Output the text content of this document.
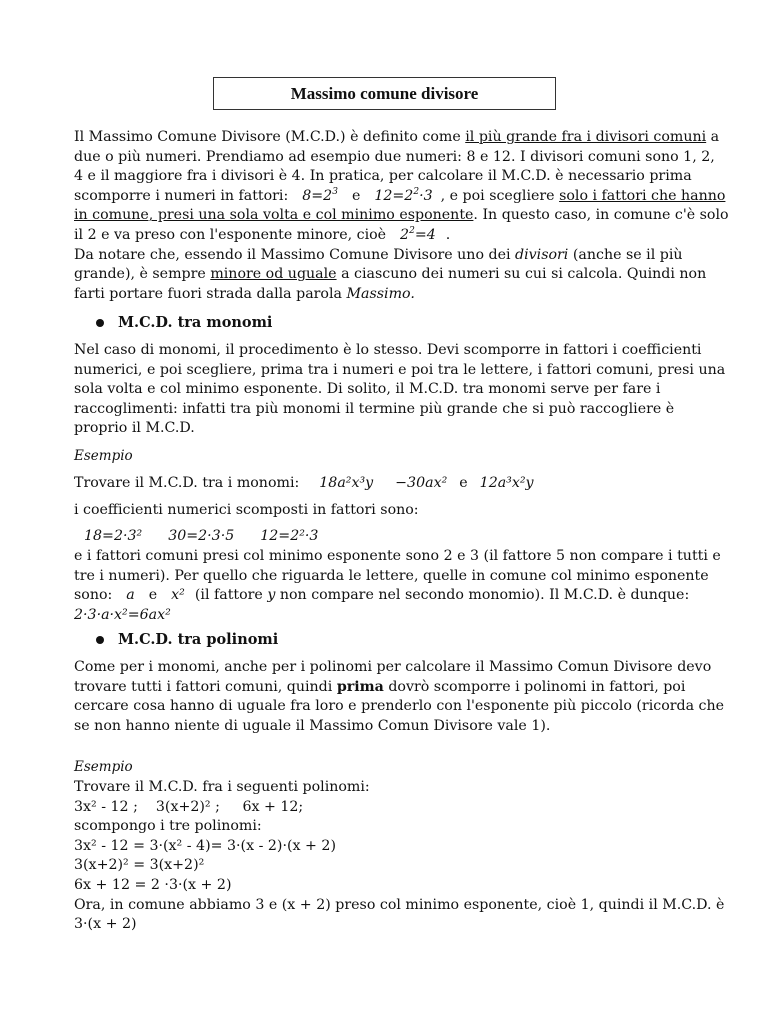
Massimo comune divisore
Il Massimo Comune Divisore (M.C.D.) è definito come il più grande fra i divisori comuni a
due o più numeri. Prendiamo ad esempio due numeri: 8 e 12. I divisori comuni sono 1, 2,
4 e il maggiore fra i divisori è 4. In pratica, per calcolare il M.C.D. è necessario prima
scomporre i numeri in fattori: $8=2^3$ e $12=2^2\cdot 3$ , e poi scegliere solo i fattori che hanno
in comune, presi una sola volta e col minimo esponente. In questo caso, in comune c'è solo
il 2 e va preso con l'esponente minore, cioè $2^2=4$ .
Da notare che, essendo il Massimo Comune Divisore uno dei divisori (anche se il più
grande), è sempre minore od uguale a ciascuno dei numeri su cui si calcola. Quindi non
farti portare fuori strada dalla parola Massimo.
M.C.D. tra monomi
Nel caso di monomi, il procedimento è lo stesso. Devi scomporre in fattori i coefficienti
numerici, e poi scegliere, prima tra i numeri e poi tra le lettere, i fattori comuni, presi una
sola volta e col minimo esponente. Di solito, il M.C.D. tra monomi serve per fare i
raccoglimenti: infatti tra più monomi il termine più grande che si può raccogliere è
proprio il M.C.D.
Esempio
Trovare il M.C.D. tra i monomi: 18a²x³y −30ax² e 12a³x²y
i coefficienti numerici scomposti in fattori sono:
18=2·3² 30=2·3·5 12=2²·3
e i fattori comuni presi col minimo esponente sono 2 e 3 (il fattore 5 non compare i tutti e
tre i numeri). Per quello che riguarda le lettere, quelle in comune col minimo esponente
sono: a e x² (il fattore y non compare nel secondo monomio). Il M.C.D. è dunque:
2·3·a·x²=6ax²
M.C.D. tra polinomi
Come per i monomi, anche per i polinomi per calcolare il Massimo Comun Divisore devo
trovare tutti i fattori comuni, quindi prima dovrò scomporre i polinomi in fattori, poi
cercare cosa hanno di uguale fra loro e prenderlo con l'esponente più piccolo (ricorda che
se non hanno niente di uguale il Massimo Comun Divisore vale 1).
Esempio
Trovare il M.C.D. fra i seguenti polinomi:
3x² - 12 ;    3(x+2)² ;     6x + 12;
scompongo i tre polinomi:
3x² - 12 = 3·(x² - 4)= 3·(x - 2)·(x + 2)
3(x+2)² = 3(x+2)²
6x + 12 = 2 ·3·(x + 2)
Ora, in comune abbiamo 3 e (x + 2) preso col minimo esponente, cioè 1, quindi il M.C.D. è
3·(x + 2)
